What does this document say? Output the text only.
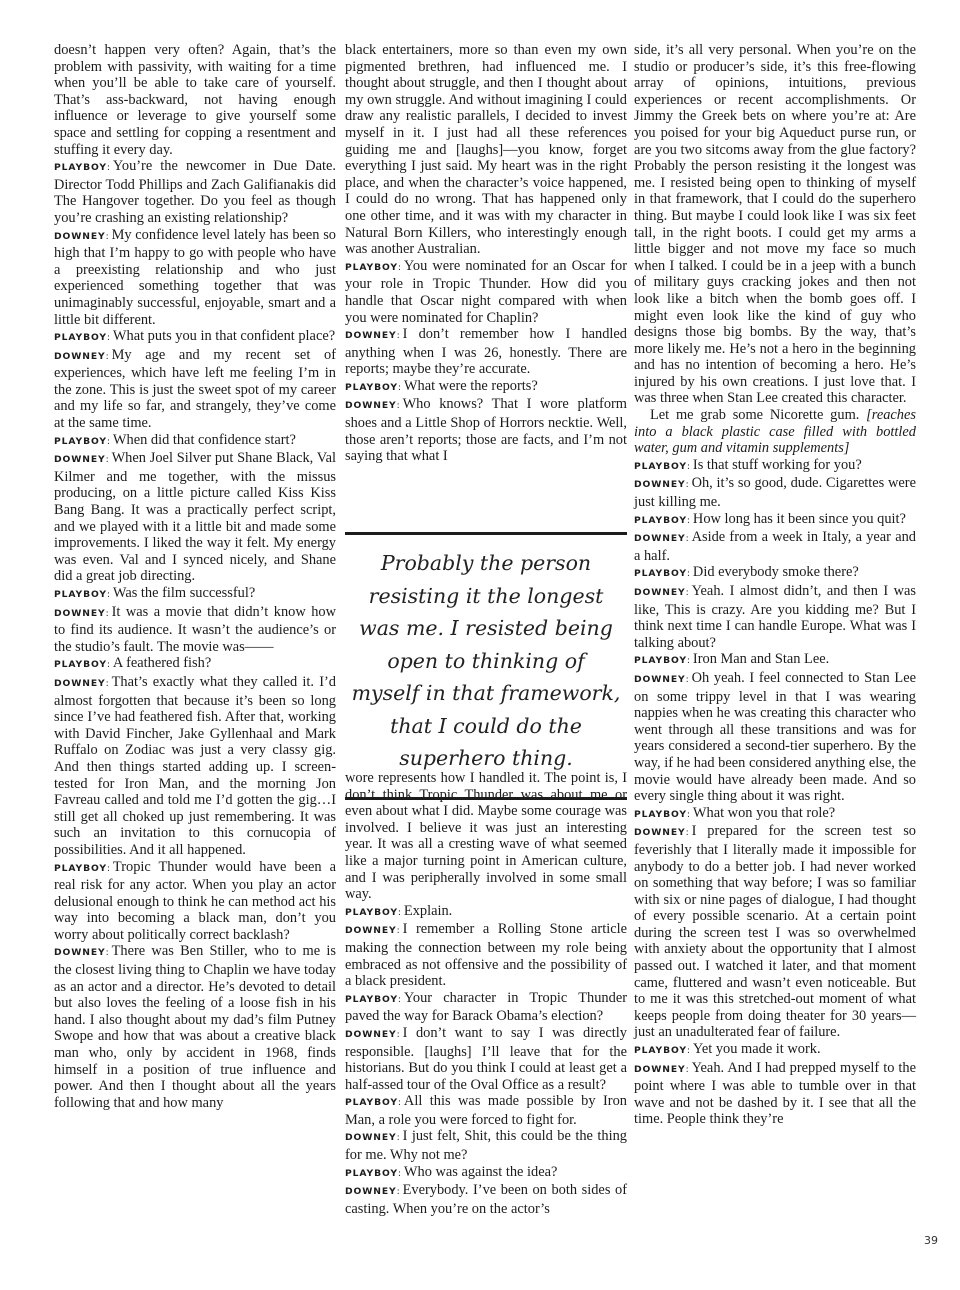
doesn’t happen very often? Again, that’s the problem with passivity, with waiting for a time when you’ll be able to take care of yourself. That’s ass-backward, not having enough influence or leverage to give yourself some space and settling for copping a resentment and stuffing it every day.

PLAYBOY : You’re the newcomer in Due Date. Director Todd Phillips and Zach Galifianakis did The Hangover together. Do you feel as though you’re crashing an existing relationship?

DOWNEY : My confidence level lately has been so high that I’m happy to go with people who have a preexisting relationship and who just experienced something together that was unimaginably successful, enjoyable, smart and a little bit different.

PLAYBOY : What puts you in that confident place?

DOWNEY : My age and my recent set of experiences, which have left me feeling I’m in the zone. This is just the sweet spot of my career and my life so far, and strangely, they’ve come at the same time.

PLAYBOY : When did that confidence start?

DOWNEY : When Joel Silver put Shane Black, Val Kilmer and me together, with the missus producing, on a little picture called Kiss Kiss Bang Bang. It was a practically perfect script, and we played with it a little bit and made some improvements. I liked the way it felt. My energy was even. Val and I synced nicely, and Shane did a great job directing.

PLAYBOY : Was the film successful?

DOWNEY : It was a movie that didn’t know how to find its audience. It wasn’t the audience’s or the studio’s fault. The movie was——

PLAYBOY : A feathered fish?

DOWNEY : That’s exactly what they called it. I’d almost forgotten that because it’s been so long since I’ve had feathered fish. After that, working with David Fincher, Jake Gyllenhaal and Mark Ruffalo on Zodiac was just a very classy gig. And then things started adding up. I screen-tested for Iron Man, and the morning Jon Favreau called and told me I’d gotten the gig…I still get all choked up just remembering. It was such an invitation to this cornucopia of possibilities. And it all happened.

PLAYBOY : Tropic Thunder would have been a real risk for any actor. When you play an actor delusional enough to think he can method act his way into becoming a black man, don’t you worry about politically correct backlash?

DOWNEY : There was Ben Stiller, who to me is the closest living thing to Chaplin we have today as an actor and a director. He’s devoted to detail but also loves the feeling of a loose fish in his hand. I also thought about my dad’s film Putney Swope and how that was about a creative black man who, only by accident in 1968, finds himself in a position of true influence and power. And then I thought about all the years following that and how many

black entertainers, more so than even my own pigmented brethren, had influenced me. I thought about struggle, and then I thought about my own struggle. And without imagining I could draw any realistic parallels, I decided to invest myself in it. I just had all these references guiding me and [laughs]—you know, forget everything I just said. My heart was in the right place, and when the character’s voice happened, I could do no wrong. That has happened only one other time, and it was with my character in Natural Born Killers, who interestingly enough was another Australian.

PLAYBOY : You were nominated for an Oscar for your role in Tropic Thunder. How did you handle that Oscar night compared with when you were nominated for Chaplin?

DOWNEY : I don’t remember how I handled anything when I was 26, honestly. There are reports; maybe they’re accurate.

PLAYBOY : What were the reports?

DOWNEY : Who knows? That I wore platform shoes and a Little Shop of Horrors necktie. Well, those aren’t reports; those are facts, and I’m not saying that what I

wore represents how I handled it. The point is, I don’t think Tropic Thunder was about me or even about what I did. Maybe some courage was involved. I believe it was just an interesting year. It was all a cresting wave of what seemed like a major turning point in American culture, and I was peripherally involved in some small way.

PLAYBOY : Explain.

DOWNEY : I remember a Rolling Stone article making the connection between my role being embraced as not offensive and the possibility of a black president.

PLAYBOY : Your character in Tropic Thunder paved the way for Barack Obama’s election?

DOWNEY : I don’t want to say I was directly responsible. [laughs] I’ll leave that for the historians. But do you think I could at least get a half-assed tour of the Oval Office as a result?

PLAYBOY : All this was made possible by Iron Man, a role you were forced to fight for.

DOWNEY : I just felt, Shit, this could be the thing for me. Why not me?

PLAYBOY : Who was against the idea?

DOWNEY : Everybody. I’ve been on both sides of casting. When you’re on the actor’s

side, it’s all very personal. When you’re on the studio or producer’s side, it’s this free-flowing array of opinions, intuitions, previous experiences or recent accomplishments. Or Jimmy the Greek bets on where you’re at: Are you poised for your big Aqueduct purse run, or are you two sitcoms away from the glue factory? Probably the person resisting it the longest was me. I resisted being open to thinking of myself in that framework, that I could do the superhero thing. But maybe I could look like I was six feet tall, in the right boots. I could get my arms a little bigger and not move my face so much when I talked. I could be in a jeep with a bunch of military guys cracking jokes and then not look like a bitch when the bomb goes off. I might even look like the kind of guy who designs those big bombs. By the way, that’s more likely me. He’s not a hero in the beginning and has no intention of becoming a hero. He’s injured by his own creations. I just love that. I was three when Stan Lee created this character.

Let me grab some Nicorette gum. [reaches into a black plastic case filled with bottled water, gum and vitamin supplements]

PLAYBOY : Is that stuff working for you?

DOWNEY : Oh, it’s so good, dude. Cigarettes were just killing me.

PLAYBOY : How long has it been since you quit?

DOWNEY : Aside from a week in Italy, a year and a half.

PLAYBOY : Did everybody smoke there?

DOWNEY : Yeah. I almost didn’t, and then I was like, This is crazy. Are you kidding me? But I think next time I can handle Europe. What was I talking about?

PLAYBOY : Iron Man and Stan Lee.

DOWNEY : Oh yeah. I feel connected to Stan Lee on some trippy level in that I was wearing nappies when he was creating this character who went through all these transitions and was for years considered a second-tier superhero. By the way, if he had been considered anything else, the movie would have already been made. And so every single thing about it was right.

PLAYBOY : What won you that role?

DOWNEY : I prepared for the screen test so feverishly that I literally made it impossible for anybody to do a better job. I had never worked on something that way before; I was so familiar with six or nine pages of dialogue, I had thought of every possible scenario. At a certain point during the screen test I was so overwhelmed with anxiety about the opportunity that I almost passed out. I watched it later, and that moment came, fluttered and wasn’t even noticeable. But to me it was this stretched-out moment of what keeps people from doing theater for 30 years—just an unadulterated fear of failure.

PLAYBOY : Yet you made it work.

DOWNEY : Yeah. And I had prepped myself to the point where I was able to tumble over in that wave and not be dashed by it. I see that all the time. People think they’re

Probably the person resisting it the longest was me. I resisted being open to thinking of myself in that framework, that I could do the superhero thing.
39
